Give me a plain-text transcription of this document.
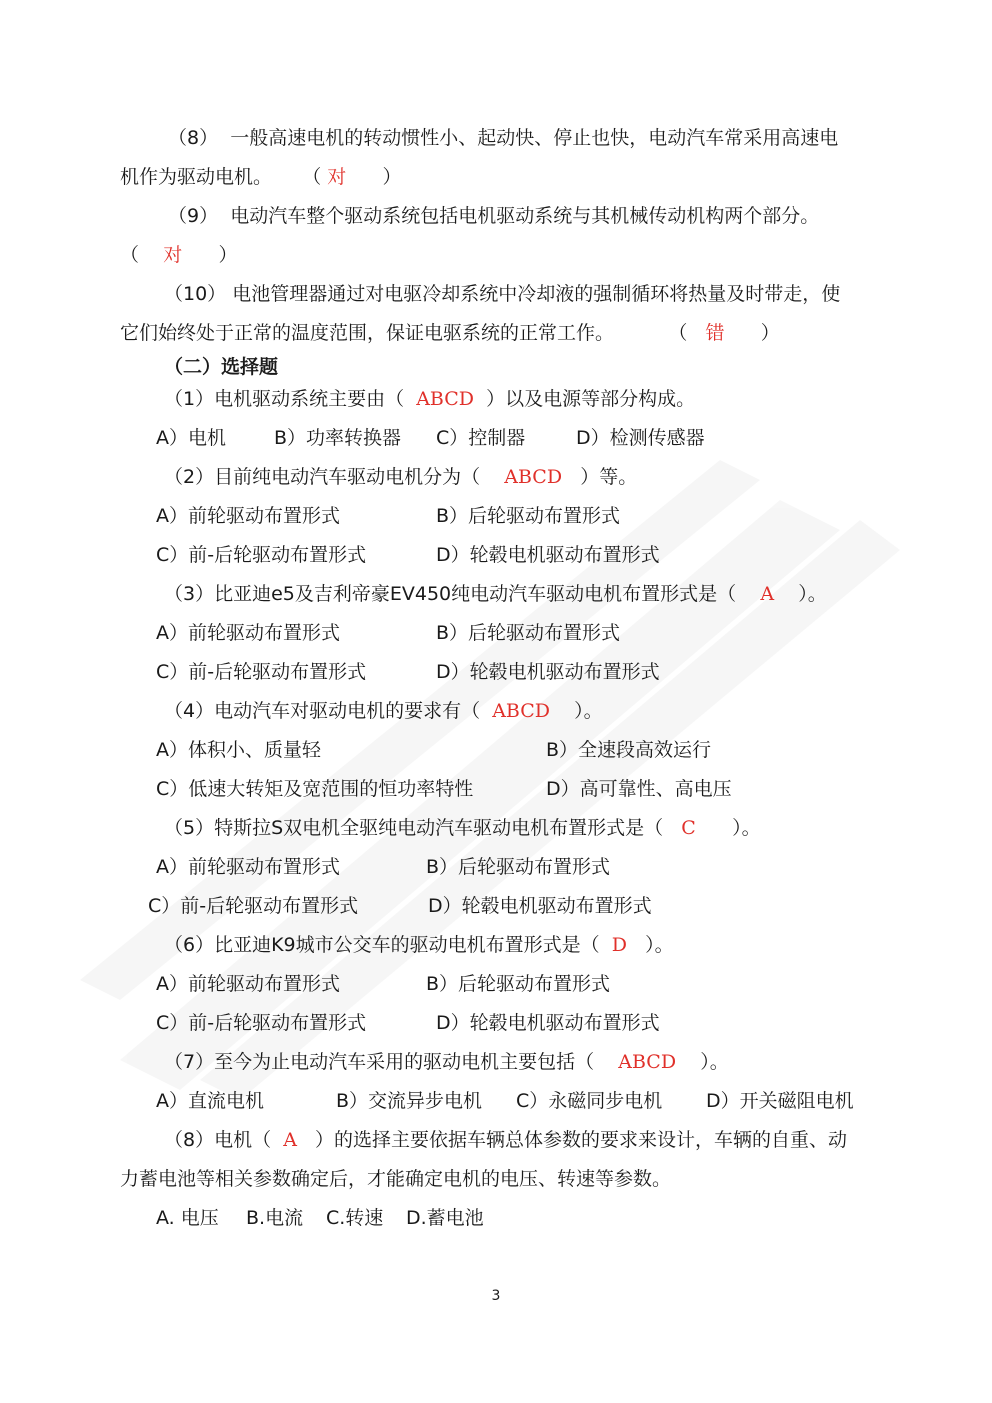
（8） 一般高速电机的转动惯性小、起动快、停止也快，电动汽车常采用高速电
机作为驱动电机。 （ 对 ）
（9） 电动汽车整个驱动系统包括电机驱动系统与其机械传动机构两个部分。
（ 对 ）
（10） 电池管理器通过对电驱冷却系统中冷却液的强制循环将热量及时带走，使
它们始终处于正常的温度范围，保证电驱系统的正常工作。	（ 错 ）
（二）选择题
（1）电机驱动系统主要由（ ABCD ）以及电源等部分构成。
A）电机	B）功率转换器 C）控制器	D）检测传感器
（2）目前纯电动汽车驱动电机分为（ ABCD ）等。
A）前轮驱动布置形式	B）后轮驱动布置形式
C）前-后轮驱动布置形式	D）轮毂电机驱动布置形式
（3）比亚迪e5及吉利帝豪EV450纯电动汽车驱动电机布置形式是（ A ）。
A）前轮驱动布置形式	B）后轮驱动布置形式
C）前-后轮驱动布置形式	D）轮毂电机驱动布置形式
（4）电动汽车对驱动电机的要求有（ ABCD ）。
A）体积小、质量轻	B）全速段高效运行
C）低速大转矩及宽范围的恒功率特性	D）高可靠性、高电压
（5）特斯拉S双电机全驱纯电动汽车驱动电机布置形式是（ C ）。
A）前轮驱动布置形式	B）后轮驱动布置形式
C）前-后轮驱动布置形式	D）轮毂电机驱动布置形式
（6）比亚迪K9城市公交车的驱动电机布置形式是（ D ）。
A）前轮驱动布置形式	B）后轮驱动布置形式
C）前-后轮驱动布置形式	D）轮毂电机驱动布置形式
（7）至今为止电动汽车采用的驱动电机主要包括（ ABCD ）。
A）直流电机	B）交流异步电机 C）永磁同步电机 D）开关磁阻电机
（8）电机（ A ）的选择主要依据车辆总体参数的要求来设计，车辆的自重、动
力蓄电池等相关参数确定后，才能确定电机的电压、转速等参数。
A. 电压 B.电流 C.转速 D.蓄电池
3
